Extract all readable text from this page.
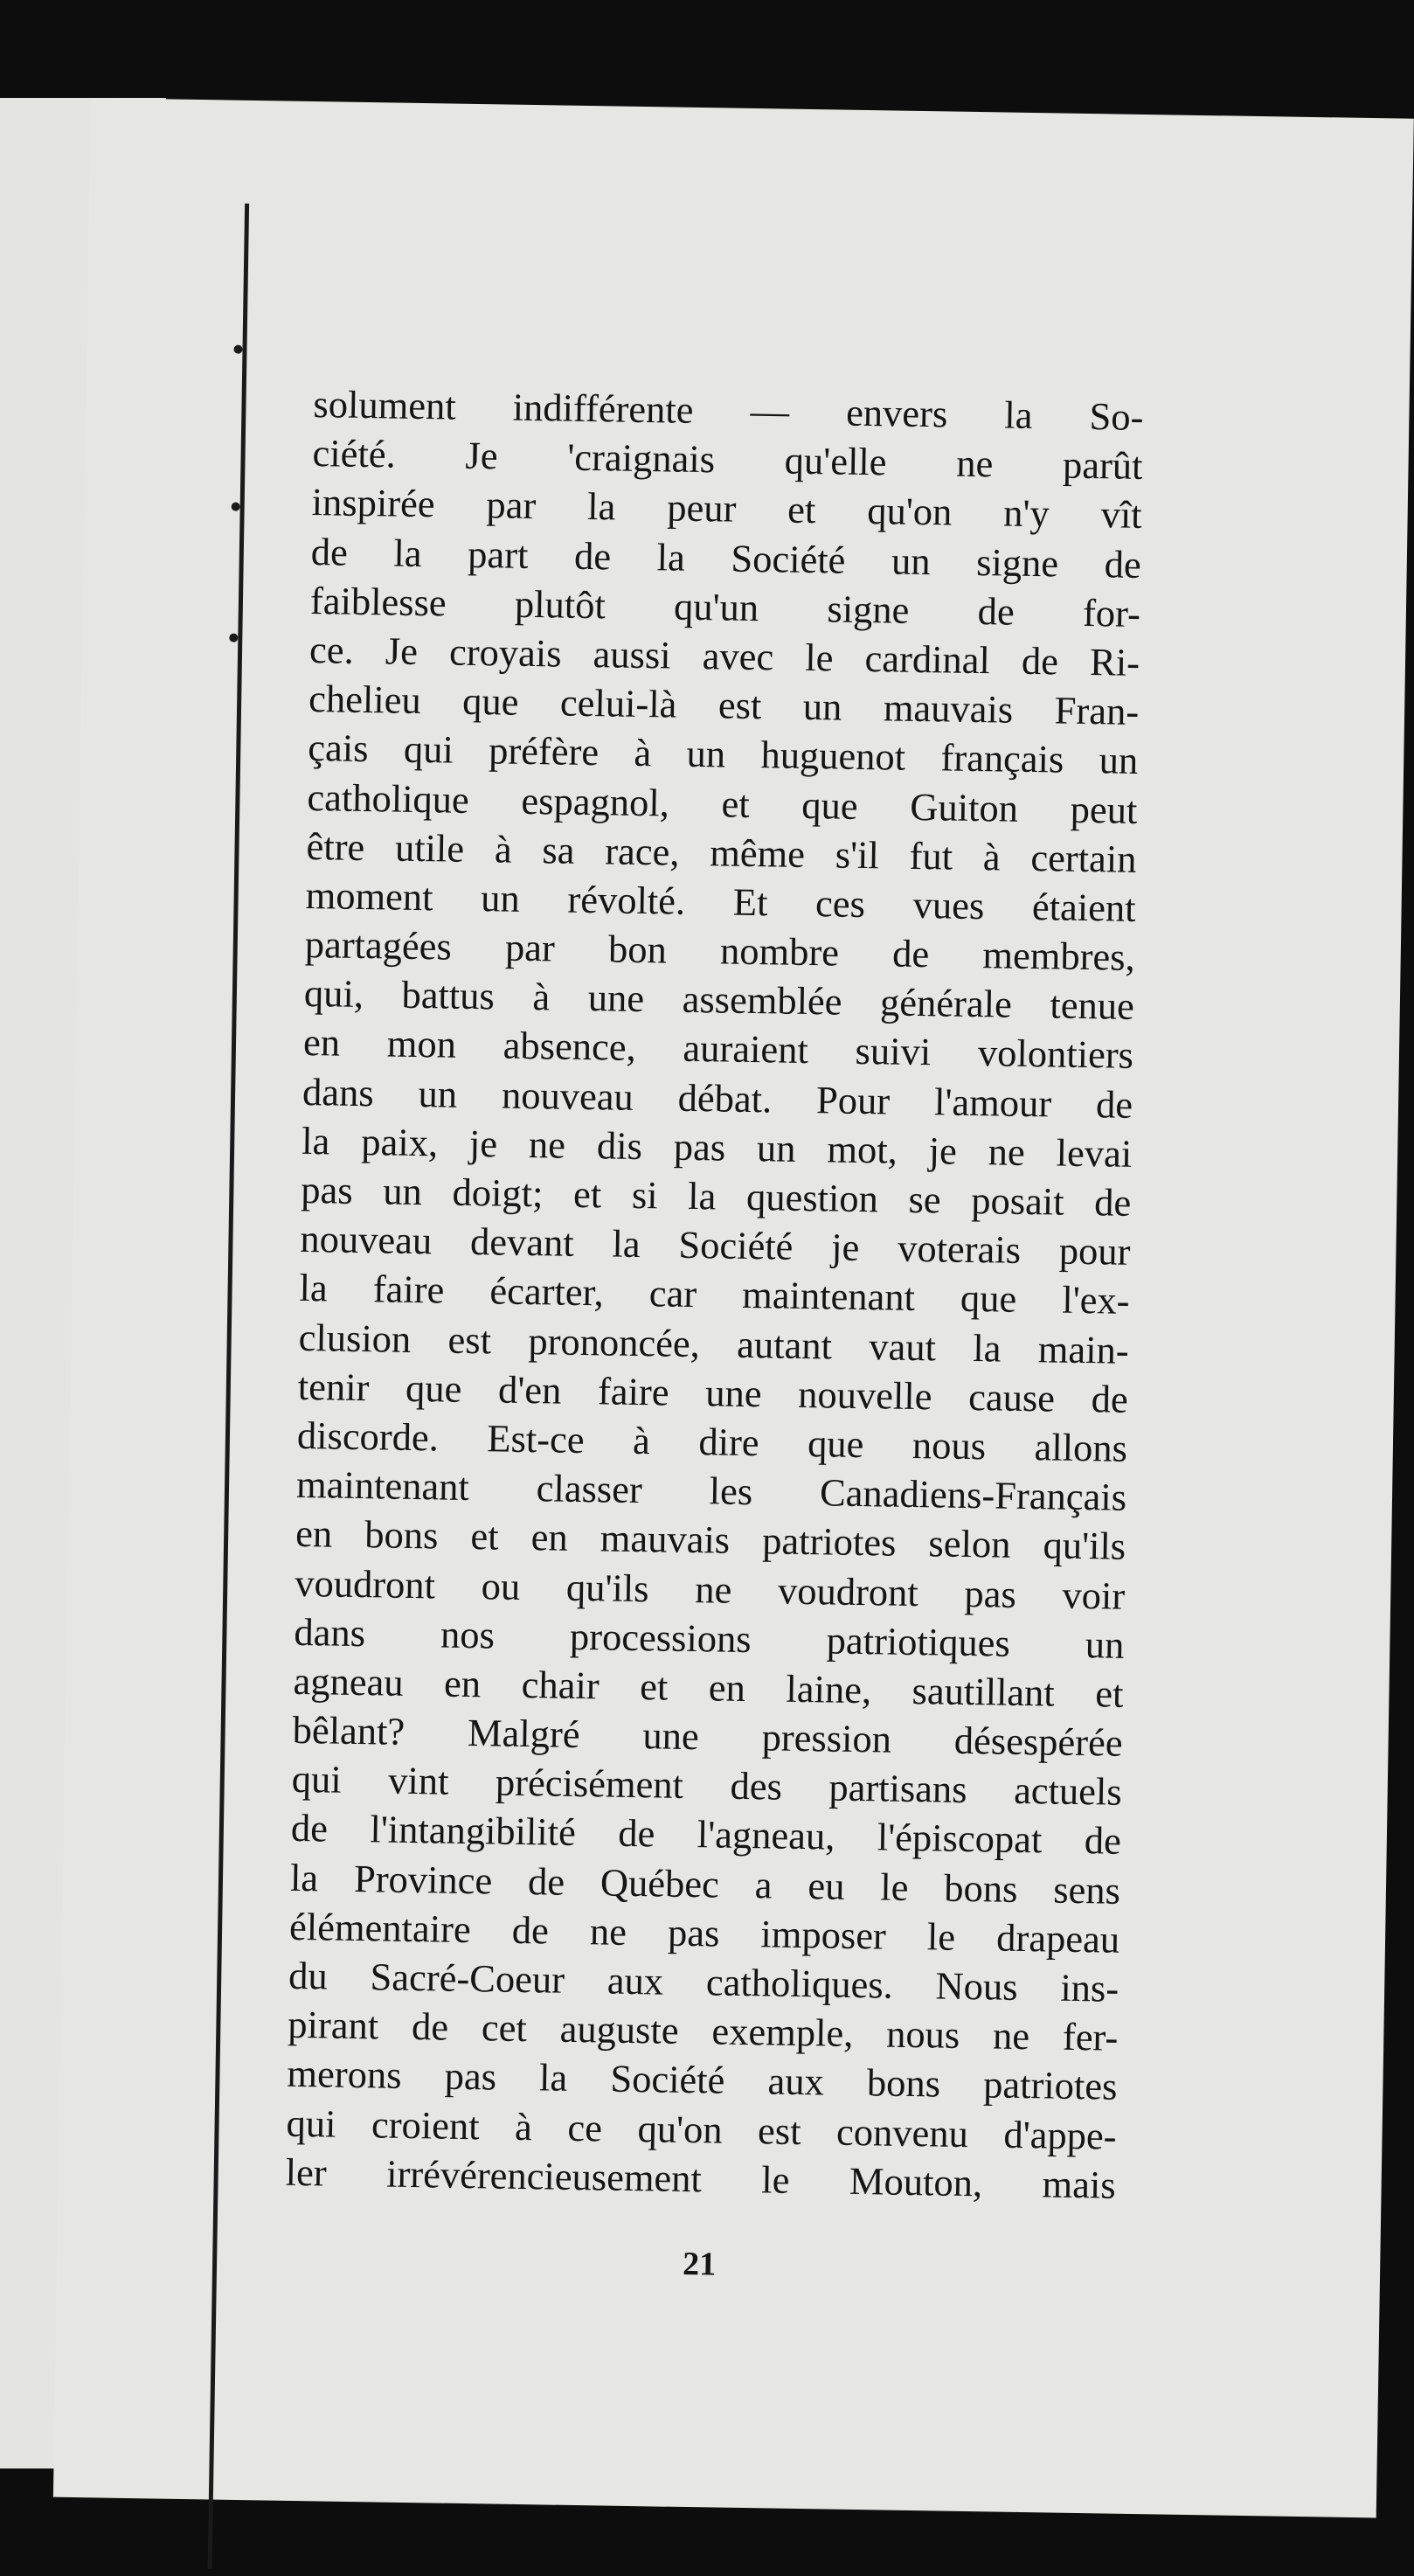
solument indifférente — envers la So-
ciété. Je 'craignais qu'elle ne parût
inspirée par la peur et qu'on n'y vît
de la part de la Société un signe de
faiblesse plutôt qu'un signe de for-
ce. Je croyais aussi avec le cardinal de Ri-
chelieu que celui-là est un mauvais Fran-
çais qui préfère à un huguenot français un
catholique espagnol, et que Guiton peut
être utile à sa race, même s'il fut à certain
moment un révolté. Et ces vues étaient
partagées par bon nombre de membres,
qui, battus à une assemblée générale tenue
en mon absence, auraient suivi volontiers
dans un nouveau débat. Pour l'amour de
la paix, je ne dis pas un mot, je ne levai
pas un doigt; et si la question se posait de
nouveau devant la Société je voterais pour
la faire écarter, car maintenant que l'ex-
clusion est prononcée, autant vaut la main-
tenir que d'en faire une nouvelle cause de
discorde. Est-ce à dire que nous allons
maintenant classer les Canadiens-Français
en bons et en mauvais patriotes selon qu'ils
voudront ou qu'ils ne voudront pas voir
dans nos processions patriotiques un
agneau en chair et en laine, sautillant et
bêlant? Malgré une pression désespérée
qui vint précisément des partisans actuels
de l'intangibilité de l'agneau, l'épiscopat de
la Province de Québec a eu le bons sens
élémentaire de ne pas imposer le drapeau
du Sacré-Coeur aux catholiques. Nous ins-
pirant de cet auguste exemple, nous ne fer-
merons pas la Société aux bons patriotes
qui croient à ce qu'on est convenu d'appe-
ler irrévérencieusement le Mouton, mais
21
